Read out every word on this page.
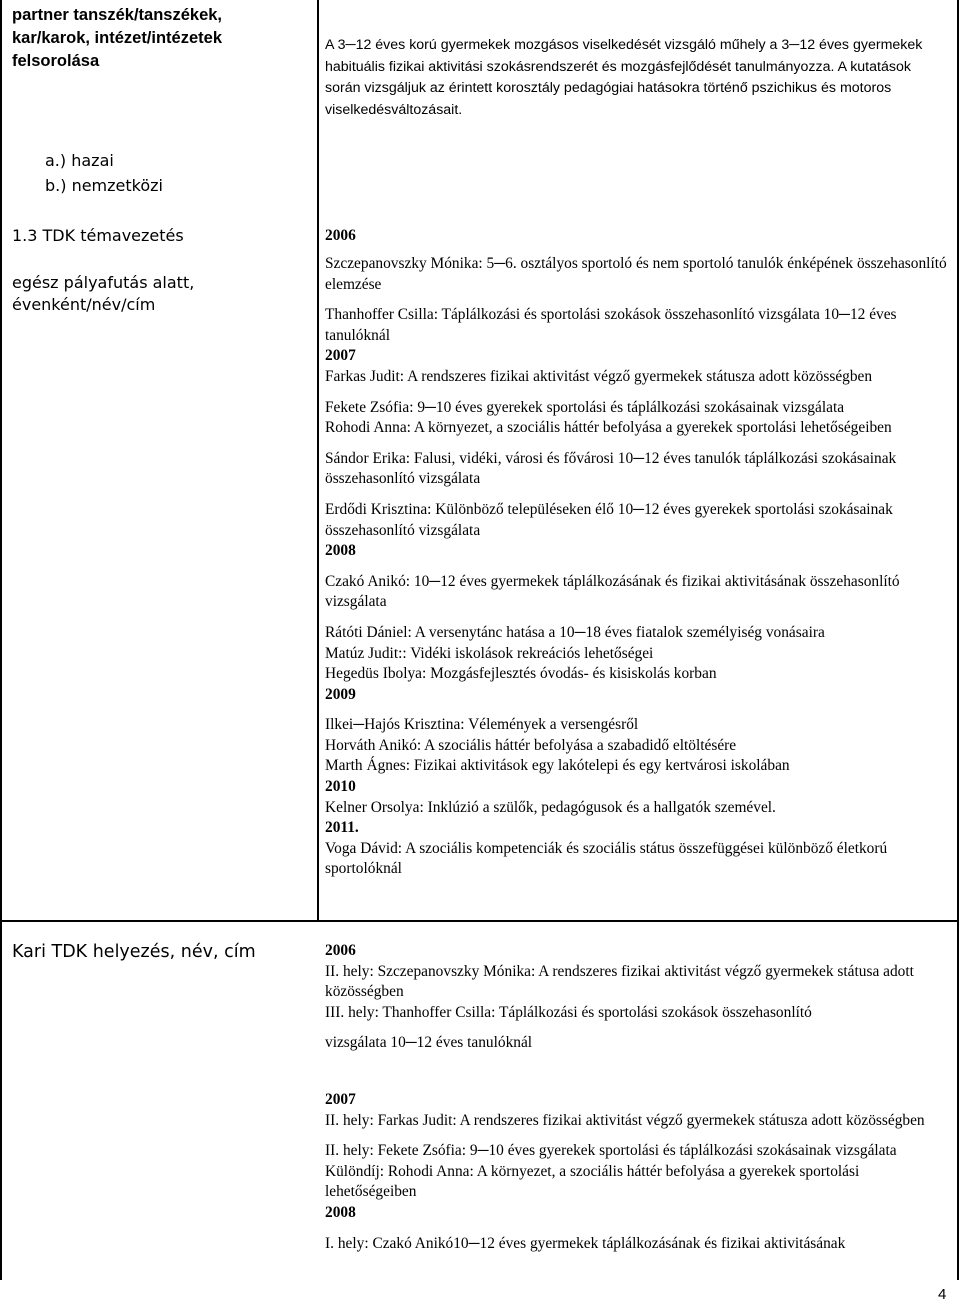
partner tanszék/tanszékek,
kar/karok, intézet/intézetek
felsorolása
A 3─12 éves korú gyermekek mozgásos viselkedését vizsgáló műhely a 3─12 éves gyermekek habituális fizikai aktivitási szokásrendszerét és mozgásfejlődését tanulmányozza. A kutatások során vizsgáljuk az érintett korosztály pedagógiai hatásokra történő pszichikus és motoros viselkedésváltozásait.
a.) hazai
b.) nemzetközi
1.3 TDK témavezetés
egész pályafutás alatt,
évenként/név/cím
2006

Szczepanovszky Mónika: 5─6. osztályos sportoló és nem sportoló tanulók énképének összehasonlító elemzése

Thanhoffer Csilla: Táplálkozási és sportolási szokások összehasonlító vizsgálata 10─12 éves tanulóknál

2007

Farkas Judit: A rendszeres fizikai aktivitást végző gyermekek státusza adott közösségben

Fekete Zsófia: 9─10 éves gyerekek sportolási és táplálkozási szokásainak vizsgálata

Rohodi Anna: A környezet, a szociális háttér befolyása a gyerekek sportolási lehetőségeiben

Sándor Erika: Falusi, vidéki, városi és fővárosi 10─12 éves tanulók táplálkozási szokásainak összehasonlító vizsgálata

Erdődi Krisztina: Különböző településeken élő 10─12 éves gyerekek sportolási szokásainak összehasonlító vizsgálata

2008

Czakó Anikó: 10─12 éves gyermekek táplálkozásának és fizikai aktivitásának összehasonlító vizsgálata

Rátóti Dániel: A versenytánc hatása a 10─18 éves fiatalok személyiség vonásaira

Matúz Judit:: Vidéki iskolások rekreációs lehetőségei

Hegedüs Ibolya: Mozgásfejlesztés óvodás- és kisiskolás korban

2009

Ilkei─Hajós Krisztina: Vélemények a versengésről

Horváth Anikó: A szociális háttér befolyása a szabadidő eltöltésére

Marth Ágnes: Fizikai aktivitások egy lakótelepi és egy kertvárosi iskolában

2010

Kelner Orsolya: Inklúzió a szülők, pedagógusok és a hallgatók szemével.

2011.

Voga Dávid: A szociális kompetenciák és szociális státus összefüggései különböző életkorú sportolóknál

Kari TDK helyezés, név, cím	2006

II. hely: Szczepanovszky Mónika: A rendszeres fizikai aktivitást végző gyermekek státusa adott közösségben

III. hely: Thanhoffer Csilla: Táplálkozási és sportolási szokások összehasonlító

vizsgálata 10─12 éves tanulóknál

2007

II. hely: Farkas Judit: A rendszeres fizikai aktivitást végző gyermekek státusza adott közösségben

II. hely: Fekete Zsófia: 9─10 éves gyerekek sportolási és táplálkozási szokásainak vizsgálata

Különdíj: Rohodi Anna: A környezet, a szociális háttér befolyása a gyerekek sportolási lehetőségeiben

2008

I. hely: Czakó Anikó10─12 éves gyermekek táplálkozásának és fizikai aktivitásának

4
